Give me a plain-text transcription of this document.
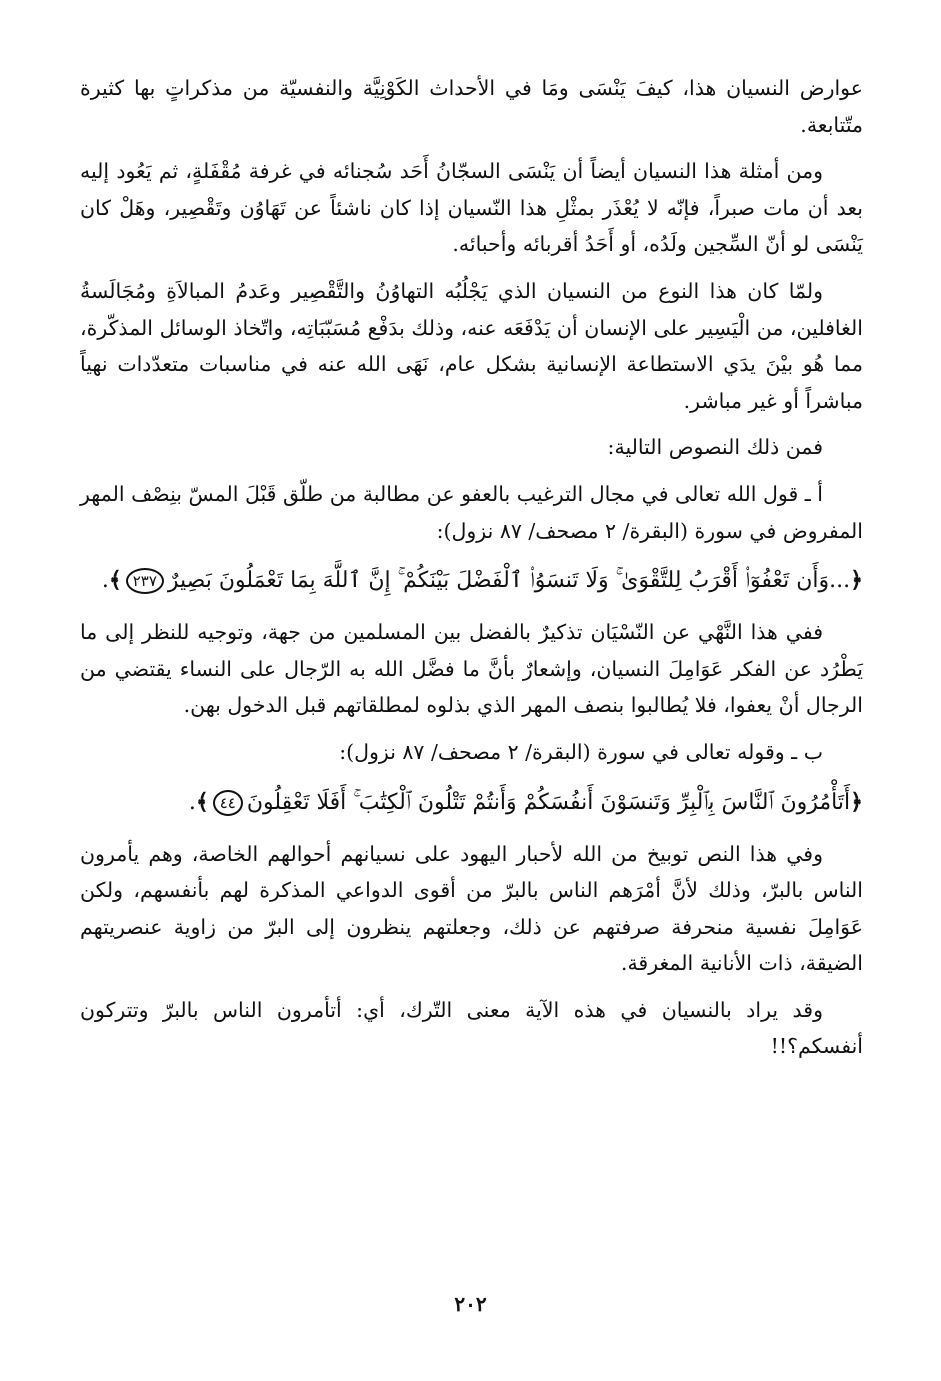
عوارض النسيان هذا، كيفَ يَنْسَى ومَا في الأحداث الكَوْنِيَّة والنفسيّة من مذكراتٍ بها كثيرة متّتابعة.

ومن أمثلة هذا النسيان أيضاً أن يَنْسَى السجّانُ أَحَد سُجنائه في غرفة مُقْفَلةٍ، ثم يَعُود إليه بعد أن مات صبراً، فإنّه لا يُعْذَر بمثْلِ هذا النّسيان إذا كان ناشئاً عن تَهَاوُن وتَقْصِير، وهَلْ كان يَنْسَى لو أنّ السِّجين ولَدُه، أو أَحَدُ أقربائه وأحبائه.

ولمّا كان هذا النوع من النسيان الذي يَجْلُبُه التهاوُنُ والتَّقْصِير وعَدمُ المبالاَةِ ومُجَالَسةُ الغافلين، من الْيَسِير على الإنسان أن يَدْفَعَه عنه، وذلك بدَفْع مُسَبّبَاتِه، واتّخاذ الوسائل المذكّرة، مما هُو بيْنَ يدَي الاستطاعة الإنسانية بشكل عام، نَهَى الله عنه في مناسبات متعدّدات نهياً مباشراً أو غير مباشر.

فمن ذلك النصوص التالية:

أ ـ قول الله تعالى في مجال الترغيب بالعفو عن مطالبة من طلّق قَبْلَ المسّ بنِصْف المهر المفروض في سورة (البقرة/ ٢ مصحف/ ٨٧ نزول):

﴿...وَأَن تَعْفُوٓا۟ أَقْرَبُ لِلتَّقْوَىٰ ۚ وَلَا تَنسَوُا۟ ٱلْفَضْلَ بَيْنَكُمْ ۚ إِنَّ ٱللَّهَ بِمَا تَعْمَلُونَ بَصِيرٌ٢٣٧﴾.

ففي هذا النَّهْي عن النّسْيَان تذكيرٌ بالفضل بين المسلمين من جهة، وتوجيه للنظر إلى ما يَطْرُد عن الفكر عَوَامِلَ النسيان، وإشعارٌ بأنَّ ما فضَّل الله به الرّجال على النساء يقتضي من الرجال أنْ يعفوا، فلا يُطالبوا بنصف المهر الذي بذلوه لمطلقاتهم قبل الدخول بهن.

ب ـ وقوله تعالى في سورة (البقرة/ ٢ مصحف/ ٨٧ نزول):

﴿أَتَأْمُرُونَ ٱلنَّاسَ بِٱلْبِرِّ وَتَنسَوْنَ أَنفُسَكُمْ وَأَنتُمْ تَتْلُونَ ٱلْكِتَٰبَ ۚ أَفَلَا تَعْقِلُونَ٤٤﴾.

وفي هذا النص توبيخ من الله لأحبار اليهود على نسيانهم أحوالهم الخاصة، وهم يأمرون الناس بالبرّ، وذلك لأنَّ أمْرَهم الناس بالبرّ من أقوى الدواعي المذكرة لهم بأنفسهم، ولكن عَوَامِلَ نفسية منحرفة صرفتهم عن ذلك، وجعلتهم ينظرون إلى البرّ من زاوية عنصريتهم الضيقة، ذات الأنانية المغرقة.

وقد يراد بالنسيان في هذه الآية معنى التّرك، أي: أتأمرون الناس بالبرّ وتتركون أنفسكم؟!!

٢٠٢
